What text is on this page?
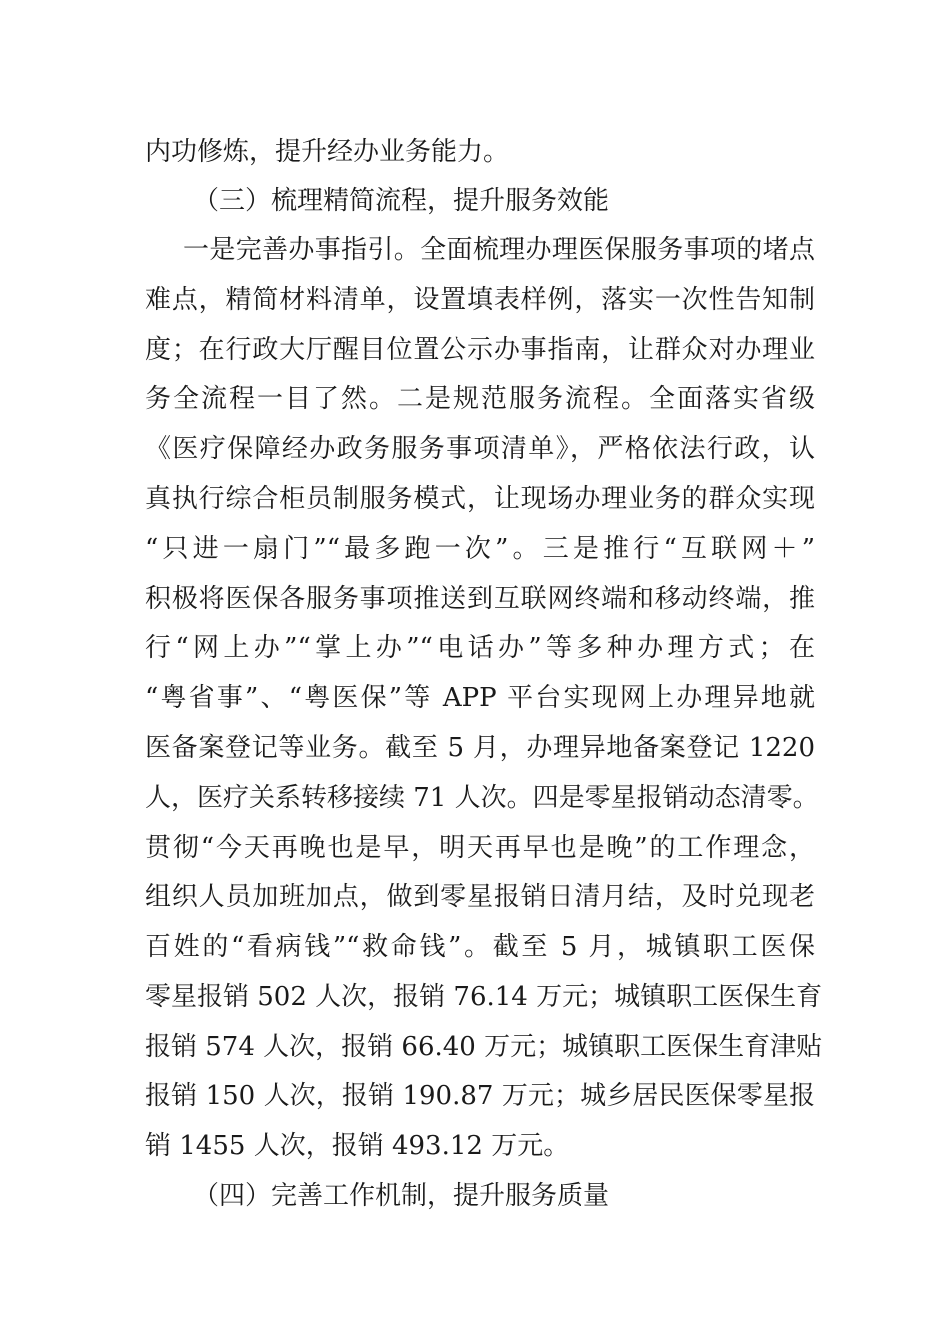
内功修炼，提升经办业务能力。
（三）梳理精简流程，提升服务效能
一是完善办事指引。全面梳理办理医保服务事项的堵点
难点，精简材料清单，设置填表样例，落实一次性告知制
度；在行政大厅醒目位置公示办事指南，让群众对办理业
务全流程一目了然。二是规范服务流程。全面落实省级
《医疗保障经办政务服务事项清单》，严格依法行政，认
真执行综合柜员制服务模式，让现场办理业务的群众实现
“只进一扇门”“最多跑一次”。三是推行“互联网＋”
积极将医保各服务事项推送到互联网终端和移动终端，推
行“网上办”“掌上办”“电话办”等多种办理方式；在
“粤省事”、“粤医保”等 APP 平台实现网上办理异地就
医备案登记等业务。截至 5 月，办理异地备案登记 1220
人，医疗关系转移接续 71 人次。四是零星报销动态清零。
贯彻“今天再晚也是早，明天再早也是晚”的工作理念，
组织人员加班加点，做到零星报销日清月结，及时兑现老
百姓的“看病钱”“救命钱”。截至 5 月，城镇职工医保
零星报销 502 人次，报销 76.14 万元；城镇职工医保生育
报销 574 人次，报销 66.40 万元；城镇职工医保生育津贴
报销 150 人次，报销 190.87 万元；城乡居民医保零星报
销 1455 人次，报销 493.12 万元。
（四）完善工作机制，提升服务质量
